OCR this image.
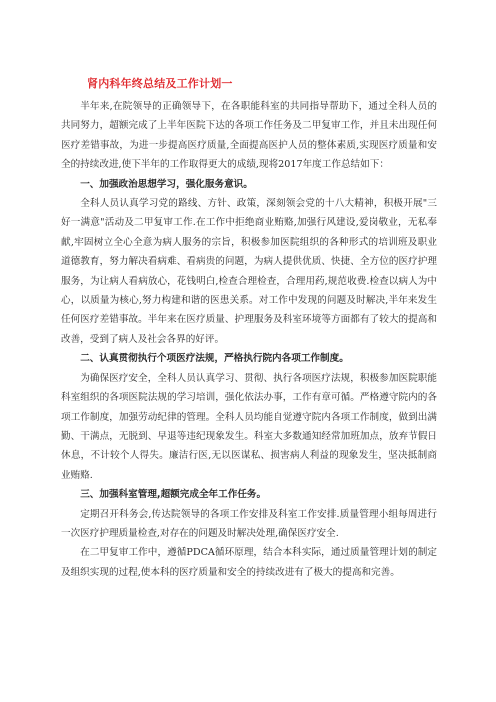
肾内科年终总结及工作计划一

半年来,在院领导的正确领导下，在各职能科室的共同指导帮助下，通过全科人员的共同努力，超额完成了上半年医院下达的各项工作任务及二甲复审工作，并且未出现任何医疗差错事故，为进一步提高医疗质量,全面提高医护人员的整体素质,实现医疗质量和安全的持续改进,使下半年的工作取得更大的成绩,现将2017年度工作总结如下：

一、加强政治思想学习，强化服务意识。

全科人员认真学习党的路线、方针、政策，深刻领会党的十八大精神，积极开展"三好一满意"活动及二甲复审工作.在工作中拒绝商业贿赂,加强行风建设,爱岗敬业，无私奉献,牢固树立全心全意为病人服务的宗旨，积极参加医院组织的各种形式的培训班及职业道德教育，努力解决看病难、看病贵的问题，为病人提供优质、快捷、全方位的医疗护理服务，为让病人看病放心，花钱明白,检查合理检查，合理用药,规范收费.检查以病人为中心，以质量为核心,努力构建和谐的医患关系。对工作中发现的问题及时解决,半年来发生任何医疗差错事故。半年来在医疗质量、护理服务及科室环境等方面都有了较大的提高和改善，受到了病人及社会各界的好评。

二、认真贯彻执行个项医疗法规，严格执行院内各项工作制度。

为确保医疗安全，全科人员认真学习、贯彻、执行各项医疗法规，积极参加医院职能科室组织的各项医院法规的学习培训，强化依法办事，工作有章可循。严格遵守院内的各项工作制度，加强劳动纪律的管理。全科人员均能自觉遵守院内各项工作制度，做到出满勤、干满点，无脱到、早退等违纪现象发生。科室大多数通知经常加班加点，放弃节假日休息，不计较个人得失。廉洁行医,无以医谋私、损害病人利益的现象发生，坚决抵制商业贿赂.

三、加强科室管理,超额完成全年工作任务。

定期召开科务会,传达院领导的各项工作安排及科室工作安排.质量管理小组每周进行一次医疗护理质量检查,对存在的问题及时解决处理,确保医疗安全.

在二甲复审工作中，遵循PDCA循环原理，结合本科实际，通过质量管理计划的制定及组织实现的过程,使本科的医疗质量和安全的持续改进有了极大的提高和完善。
